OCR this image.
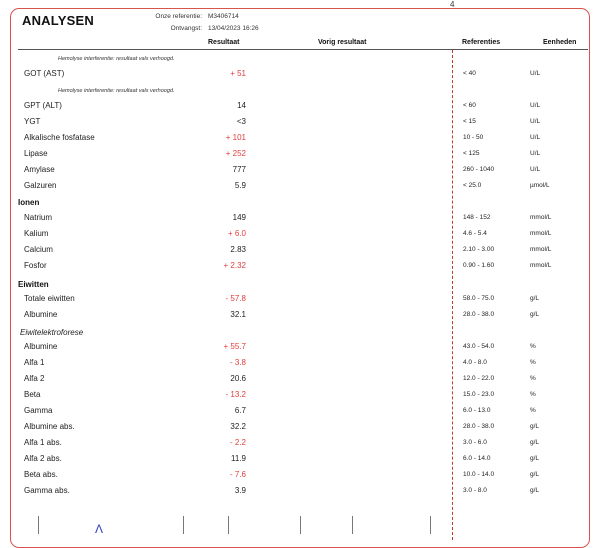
4
ANALYSEN	Onze referentie: M3406714
Ontvangst: 13/04/2023 16:26
Resultaat	Vorig resultaat	Referenties	Eenheden
Hemolyse interferentie: resultaat vals verhoogd.
Hemolyse interferentie: resultaat vals verhoogd.
Ionen
Eiwitten
Eiwitelektroforese
GOT (AST)	+ 51	< 40	U/L
GPT (ALT)	14	< 60	U/L
YGT	<3	< 15	U/L
Alkalische fosfatase	+ 101	10 - 50	U/L
Lipase	+ 252	< 125	U/L
Amylase	777	260 - 1040	U/L
Galzuren	5.9	< 25.0	µmol/L
Natrium	149	148 - 152	mmol/L
Kalium	+ 6.0	4.6 - 5.4	mmol/L
Calcium	2.83	2.10 - 3.00	mmol/L
Fosfor	+ 2.32	0.90 - 1.60	mmol/L
Totale eiwitten	- 57.8	58.0 - 75.0	g/L
Albumine	32.1	28.0 - 38.0	g/L
Albumine	+ 55.7	43.0 - 54.0	%
Alfa 1	- 3.8	4.0 - 8.0	%
Alfa 2	20.6	12.0 - 22.0	%
Beta	- 13.2	15.0 - 23.0	%
Gamma	6.7	6.0 - 13.0	%
Albumine abs.	32.2	28.0 - 38.0	g/L
Alfa 1 abs.	- 2.2	3.0 - 6.0	g/L
Alfa 2 abs.	11.9	6.0 - 14.0	g/L
Beta abs.	- 7.6	10.0 - 14.0	g/L
Gamma abs.	3.9	3.0 - 8.0	g/L
Λ
